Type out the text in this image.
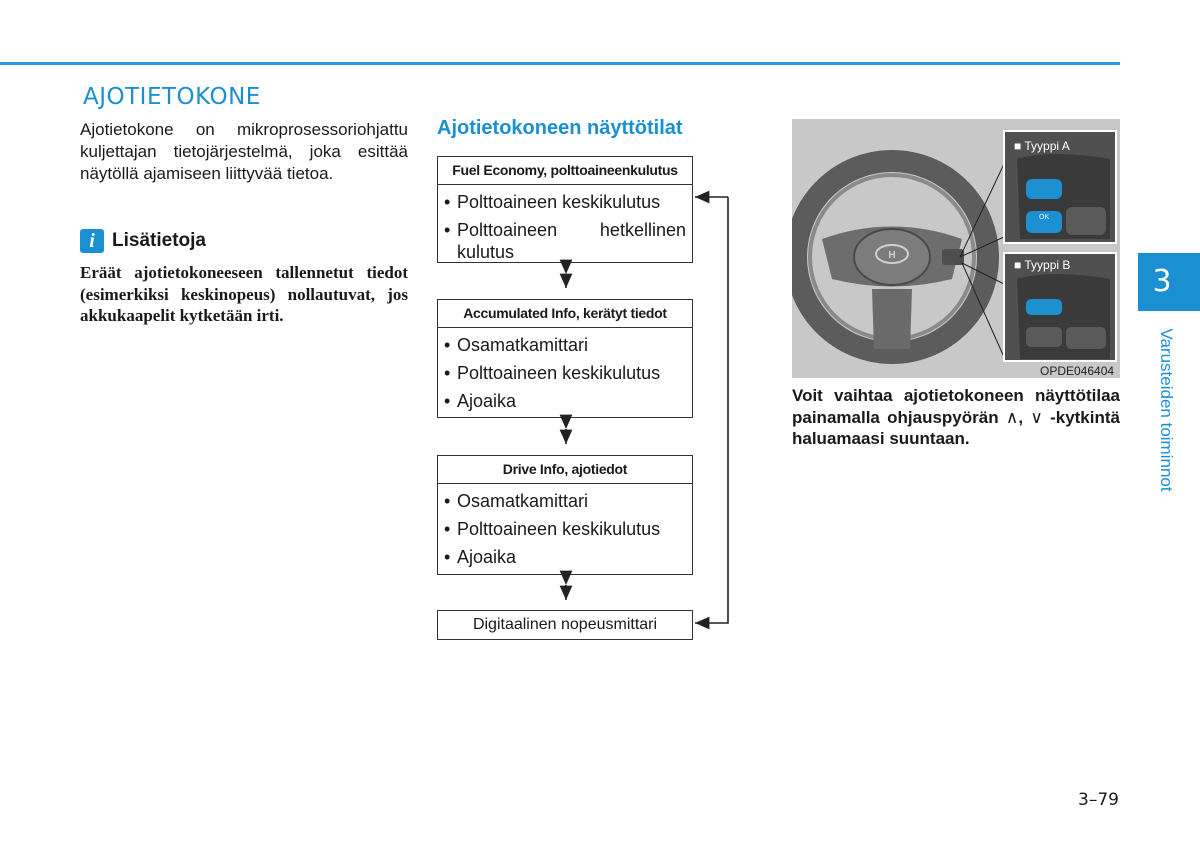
AJOTIETOKONE

Ajotietokone on mikroprosessoriohjattu kuljettajan tietojärjestelmä, joka esittää näytöllä ajamiseen liittyvää tietoa.

i Lisätietoja

Eräät ajotietokoneeseen tallennetut tiedot (esimerkiksi keskinopeus) nollautuvat, jos akkukaapelit kytketään irti.

Ajotietokoneen näyttötilat
Fuel Economy, polttoaineenkulutus
• Polttoaineen keskikulutus
• Polttoaineen hetkellinen kulutus
Accumulated Info, kerätyt tiedot
• Osamatkamittari
• Polttoaineen keskikulutus
• Ajoaika
Drive Info, ajotiedot
• Osamatkamittari
• Polttoaineen keskikulutus
• Ajoaika
Digitaalinen nopeusmittari
H
■ Tyyppi A
■ Tyyppi B
OK
OPDE046404

Voit vaihtaa ajotietokoneen näyttötilaa painamalla ohjauspyörän ∧, ∨ -kytkintä haluamaasi suuntaan.

3
Varusteiden toiminnot
3–79
